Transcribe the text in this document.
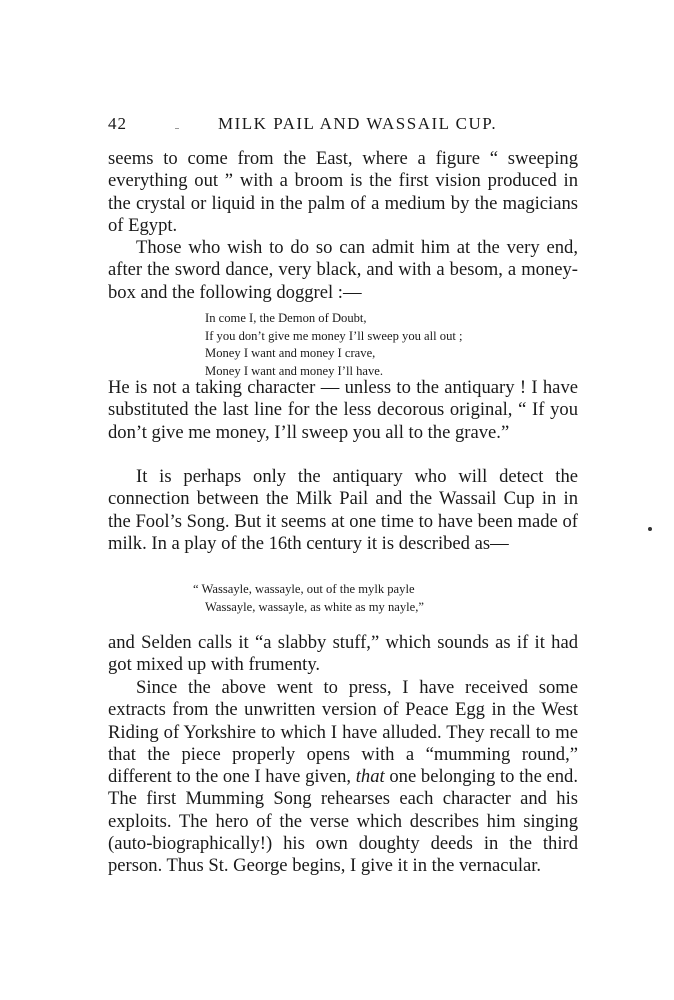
42	MILK PAIL AND WASSAIL CUP.

seems to come from the East, where a figure “ sweeping everything out ” with a broom is the first vision produced in the crystal or liquid in the palm of a medium by the magicians of Egypt.

Those who wish to do so can admit him at the very end, after the sword dance, very black, and with a besom, a money-box and the following doggrel :—

In come I, the Demon of Doubt,
If you don’t give me money I’ll sweep you all out ;
Money I want and money I crave,
Money I want and money I’ll have.

He is not a taking character — unless to the antiquary ! I have substituted the last line for the less decorous original, “ If you don’t give me money, I’ll sweep you all to the grave.”

It is perhaps only the antiquary who will detect the connection between the Milk Pail and the Wassail Cup in in the Fool’s Song. But it seems at one time to have been made of milk. In a play of the 16th century it is described as—

“ Wassayle, wassayle, out of the mylk payle
Wassayle, wassayle, as white as my nayle,”

and Selden calls it “a slabby stuff,” which sounds as if it had got mixed up with frumenty.

Since the above went to press, I have received some extracts from the unwritten version of Peace Egg in the West Riding of Yorkshire to which I have alluded. They recall to me that the piece properly opens with a “mumming round,” different to the one I have given, that one belonging to the end. The first Mumming Song rehearses each character and his exploits. The hero of the verse which describes him singing (auto-biographically!) his own doughty deeds in the third person. Thus St. George begins, I give it in the vernacular.
